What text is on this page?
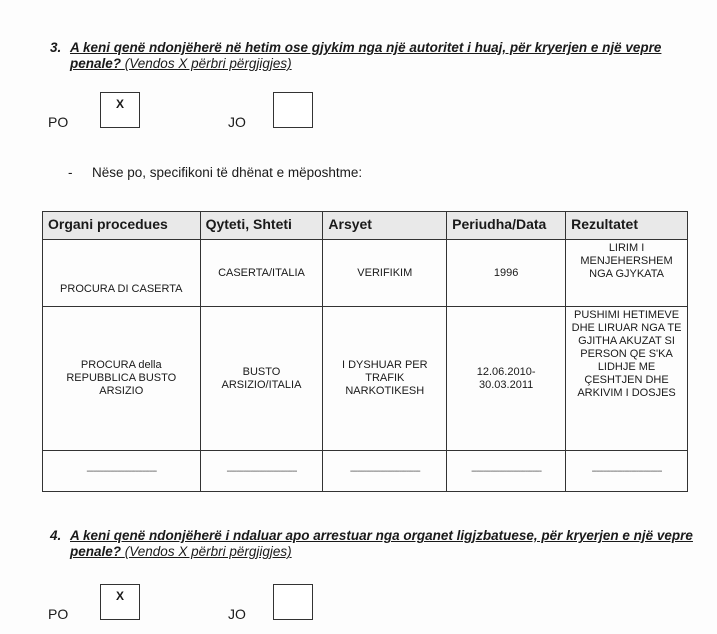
3. A keni qenë ndonjëherë në hetim ose gjykim nga një autoritet i huaj, për kryerjen e një vepre penale? (Vendos X përbri përgjigjes)
PO
X
JO
- Nëse po, specifikoni të dhënat e mëposhtme:
Organi procedues	Qyteti, Shteti	Arsyet	Periudha/Data	Rezultatet
PROCURA DI CASERTA	CASERTA/ITALIA	VERIFIKIM	1996	LIRIM I MENJEHERSHEM NGA GJYKATA
PROCURA della REPUBBLICA BUSTO ARSIZIO	BUSTO ARSIZIO/ITALIA	I DYSHUAR PER TRAFIK NARKOTIKESH	12.06.2010-30.03.2011	PUSHIMI HETIMEVE DHE LIRUAR NGA TE GJITHA AKUZAT SI PERSON QE S'KA LIDHJE ME ÇESHTJEN DHE ARKIVIM I DOSJES
------------------------------	------------------------------	------------------------------	------------------------------	------------------------------
4. A keni qenë ndonjëherë i ndaluar apo arrestuar nga organet ligjzbatuese, për kryerjen e një vepre penale? (Vendos X përbri përgjigjes)
PO
X
JO
